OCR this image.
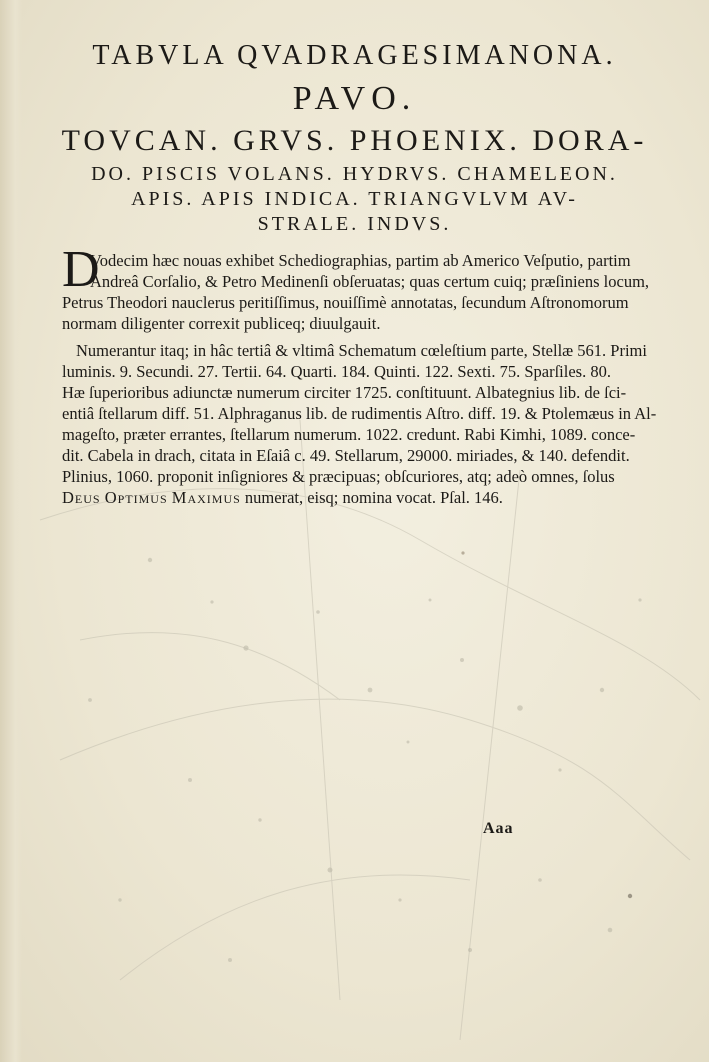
TABVLA QVADRAGESIMANONA.
PAVO.
TOVCAN. GRVS. PHOENIX. DORA-
DO. PISCIS VOLANS. HYDRVS. CHAMELEON.
APIS. APIS INDICA. TRIANGVLVM AV-
STRALE. INDVS.
D
Vodecim hæc nouas exhibet Schediographias, partim ab Americo Veſputio, partim
Andreâ Corſalio, & Petro Medinenſi obſeruatas; quas certum cuiq; præſiniens locum,
Petrus Theodori nauclerus peritiſſimus, nouiſſimè annotatas, ſecundum Aſtronomorum
normam diligenter correxit publiceq; diuulgauit.
Numerantur itaq; in hâc tertiâ & vltimâ Schematum cœleſtium parte, Stellæ 561. Primi
luminis. 9. Secundi. 27. Tertii. 64. Quarti. 184. Quinti. 122. Sexti. 75. Sparſiles. 80.
Hæ ſuperioribus adiunctæ numerum circiter 1725. conſtituunt. Albategnius lib. de ſci-
entiâ ſtellarum diff. 51. Alphraganus lib. de rudimentis Aſtro. diff. 19. & Ptolemæus in Al-
mageſto, præter errantes, ſtellarum numerum. 1022. credunt. Rabi Kimhi, 1089. conce-
dit. Cabela in drach, citata in Eſaiâ c. 49. Stellarum, 29000. miriades, & 140. defendit.
Plinius, 1060. proponit inſigniores & præcipuas; obſcuriores, atq; adeò omnes, ſolus
Deus Optimus Maximus numerat, eisq; nomina vocat. Pſal. 146.
Aaa
